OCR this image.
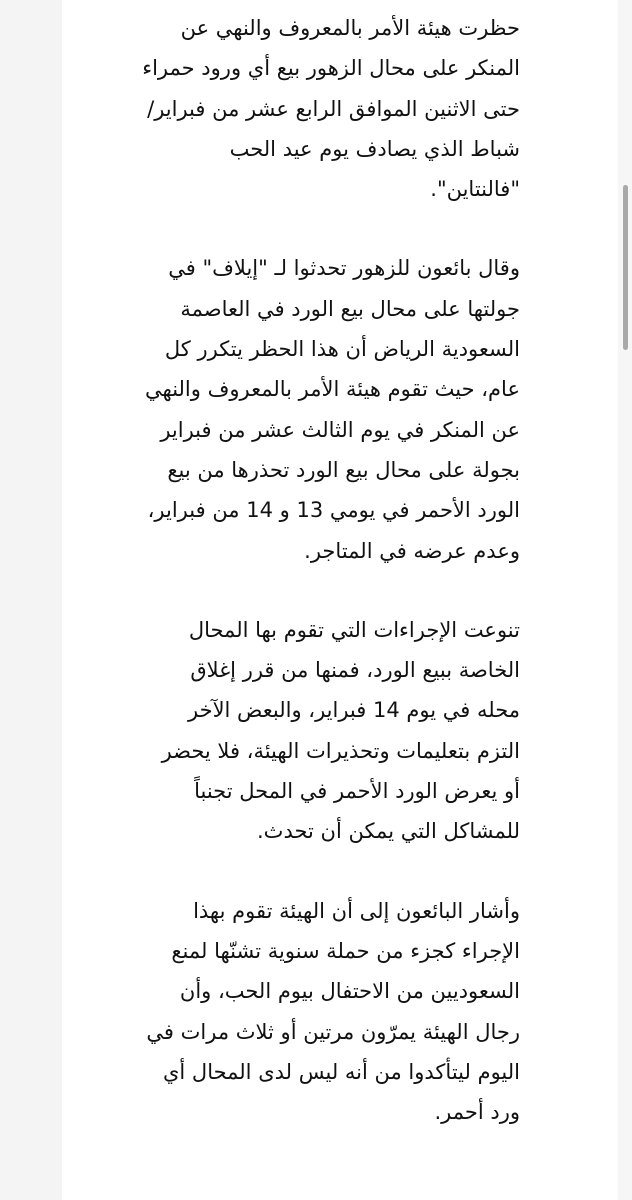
حظرت هيئة الأمر بالمعروف والنهي عن
المنكر على محال الزهور بيع أي ورود حمراء
حتى الاثنين الموافق الرابع عشر من فبراير/
شباط الذي يصادف يوم عيد الحب
"فالنتاين".

وقال بائعون للزهور تحدثوا لـ "إيلاف" في
جولتها على محال بيع الورد في العاصمة
السعودية الرياض أن هذا الحظر يتكرر كل
عام، حيث تقوم هيئة الأمر بالمعروف والنهي
عن المنكر في يوم الثالث عشر من فبراير
بجولة على محال بيع الورد تحذرها من بيع
الورد الأحمر في يومي 13 و 14 من فبراير،
وعدم عرضه في المتاجر.

تنوعت الإجراءات التي تقوم بها المحال
الخاصة ببيع الورد، فمنها من قرر إغلاق
محله في يوم 14 فبراير، والبعض الآخر
التزم بتعليمات وتحذيرات الهيئة، فلا يحضر
أو يعرض الورد الأحمر في المحل تجنباً
للمشاكل التي يمكن أن تحدث.

وأشار البائعون إلى أن الهيئة تقوم بهذا
الإجراء كجزء من حملة سنوية تشنّها لمنع
السعوديين من الاحتفال بيوم الحب، وأن
رجال الهيئة يمرّون مرتين أو ثلاث مرات في
اليوم ليتأكدوا من أنه ليس لدى المحال أي
ورد أحمر.
